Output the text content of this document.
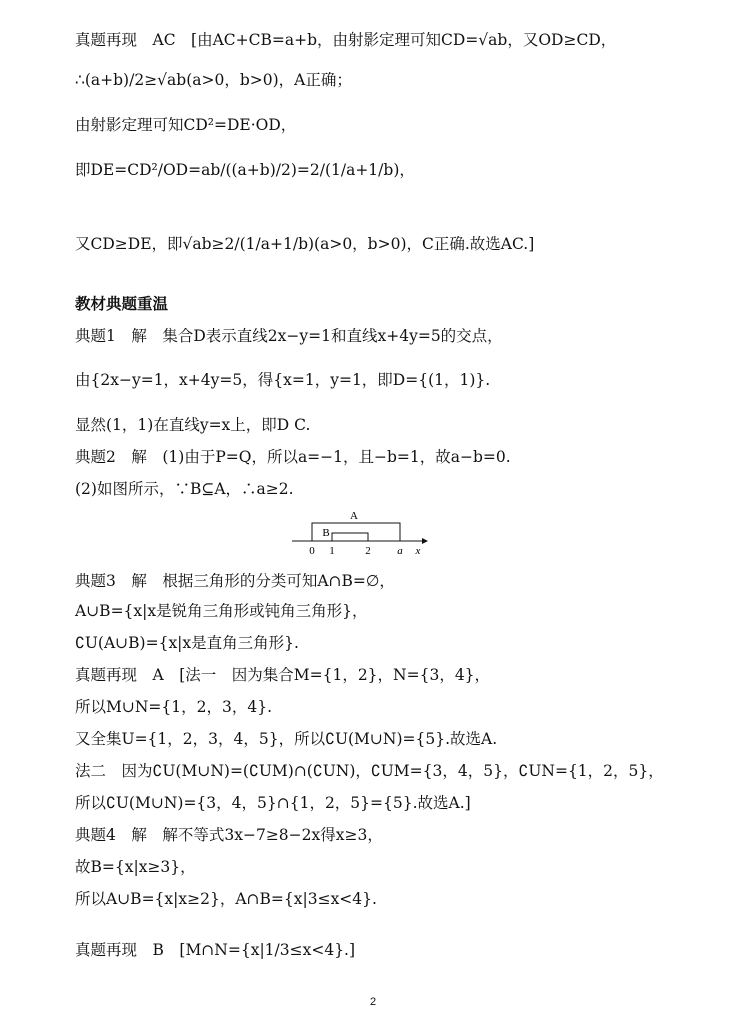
真题再现　AC　[由AC+CB=a+b，由射影定理可知CD=√ab，又OD≥CD，
∴(a+b)/2≥√ab(a>0，b>0)，A正确；
由射影定理可知CD²=DE·OD，
即DE=CD²/OD=ab/((a+b)/2)=2/(1/a+1/b)，
又CD≥DE，即√ab≥2/(1/a+1/b)(a>0，b>0)，C正确.故选AC.]
教材典题重温
典题1　解　集合D表示直线2x−y=1和直线x+4y=5的交点，
由{2x−y=1，x+4y=5，得{x=1，y=1，即D={(1，1)}.
显然(1，1)在直线y=x上，即D C.
典题2　解　(1)由于P=Q，所以a=−1，且−b=1，故a−b=0.
(2)如图所示，∵B⊆A，∴a≥2.
A
B
0 1	2 a x
典题3　解　根据三角形的分类可知A∩B=∅，
A∪B={x|x是锐角三角形或钝角三角形}，
∁U(A∪B)={x|x是直角三角形}.
真题再现　A　[法一　因为集合M={1，2}，N={3，4}，
所以M∪N={1，2，3，4}.
又全集U={1，2，3，4，5}，所以∁U(M∪N)={5}.故选A.
法二　因为∁U(M∪N)=(∁UM)∩(∁UN)，∁UM={3，4，5}，∁UN={1，2，5}，
所以∁U(M∪N)={3，4，5}∩{1，2，5}={5}.故选A.]
典题4　解　解不等式3x−7≥8−2x得x≥3，
故B={x|x≥3}，
所以A∪B={x|x≥2}，A∩B={x|3≤x<4}.
真题再现　B　[M∩N={x|1/3≤x<4}.]
2
